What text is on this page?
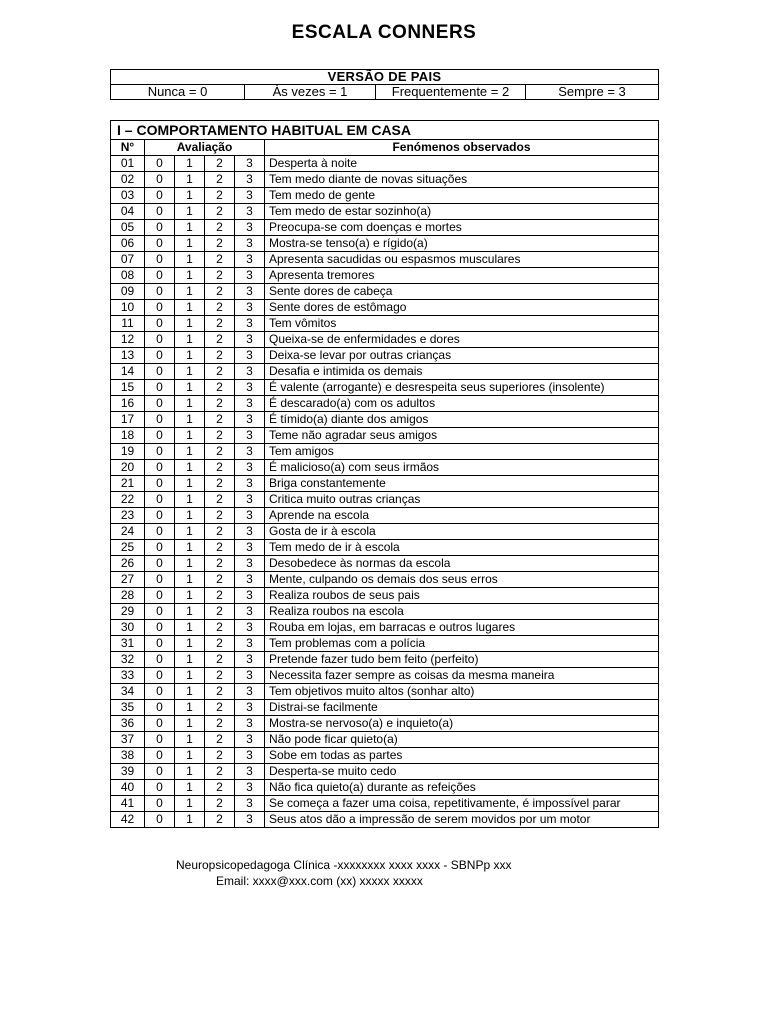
ESCALA CONNERS
VERSÃO DE PAIS
Nunca = 0	Às vezes = 1	Frequentemente = 2	Sempre = 3
I – COMPORTAMENTO HABITUAL EM CASA					
N°	Avaliação				Fenómenos observados
01	0	1	2	3	Desperta à noite
02	0	1	2	3	Tem medo diante de novas situações
03	0	1	2	3	Tem medo de gente
04	0	1	2	3	Tem medo de estar sozinho(a)
05	0	1	2	3	Preocupa-se com doenças e mortes
06	0	1	2	3	Mostra-se tenso(a) e rígido(a)
07	0	1	2	3	Apresenta sacudidas ou espasmos musculares
08	0	1	2	3	Apresenta tremores
09	0	1	2	3	Sente dores de cabeça
10	0	1	2	3	Sente dores de estômago
11	0	1	2	3	Tem vômitos
12	0	1	2	3	Queixa-se de enfermidades e dores
13	0	1	2	3	Deixa-se levar por outras crianças
14	0	1	2	3	Desafia e intimida os demais
15	0	1	2	3	É valente (arrogante) e desrespeita seus superiores (insolente)
16	0	1	2	3	É descarado(a) com os adultos
17	0	1	2	3	É tímido(a) diante dos amigos
18	0	1	2	3	Teme não agradar seus amigos
19	0	1	2	3	Tem amigos
20	0	1	2	3	É malicioso(a) com seus irmãos
21	0	1	2	3	Briga constantemente
22	0	1	2	3	Critica muito outras crianças
23	0	1	2	3	Aprende na escola
24	0	1	2	3	Gosta de ir à escola
25	0	1	2	3	Tem medo de ir à escola
26	0	1	2	3	Desobedece às normas da escola
27	0	1	2	3	Mente, culpando os demais dos seus erros
28	0	1	2	3	Realiza roubos de seus pais
29	0	1	2	3	Realiza roubos na escola
30	0	1	2	3	Rouba em lojas, em barracas e outros lugares
31	0	1	2	3	Tem problemas com a polícia
32	0	1	2	3	Pretende fazer tudo bem feito (perfeito)
33	0	1	2	3	Necessita fazer sempre as coisas da mesma maneira
34	0	1	2	3	Tem objetivos muito altos (sonhar alto)
35	0	1	2	3	Distrai-se facilmente
36	0	1	2	3	Mostra-se nervoso(a) e inquieto(a)
37	0	1	2	3	Não pode ficar quieto(a)
38	0	1	2	3	Sobe em todas as partes
39	0	1	2	3	Desperta-se muito cedo
40	0	1	2	3	Não fica quieto(a) durante as refeições
41	0	1	2	3	Se começa a fazer uma coisa, repetitivamente, é impossível parar
42	0	1	2	3	Seus atos dão a impressão de serem movidos por um motor
Neuropsicopedagoga Clínica -xxxxxxxx xxxx xxxx - SBNPp xxx
Email: xxxx@xxx.com (xx) xxxxx xxxxx
